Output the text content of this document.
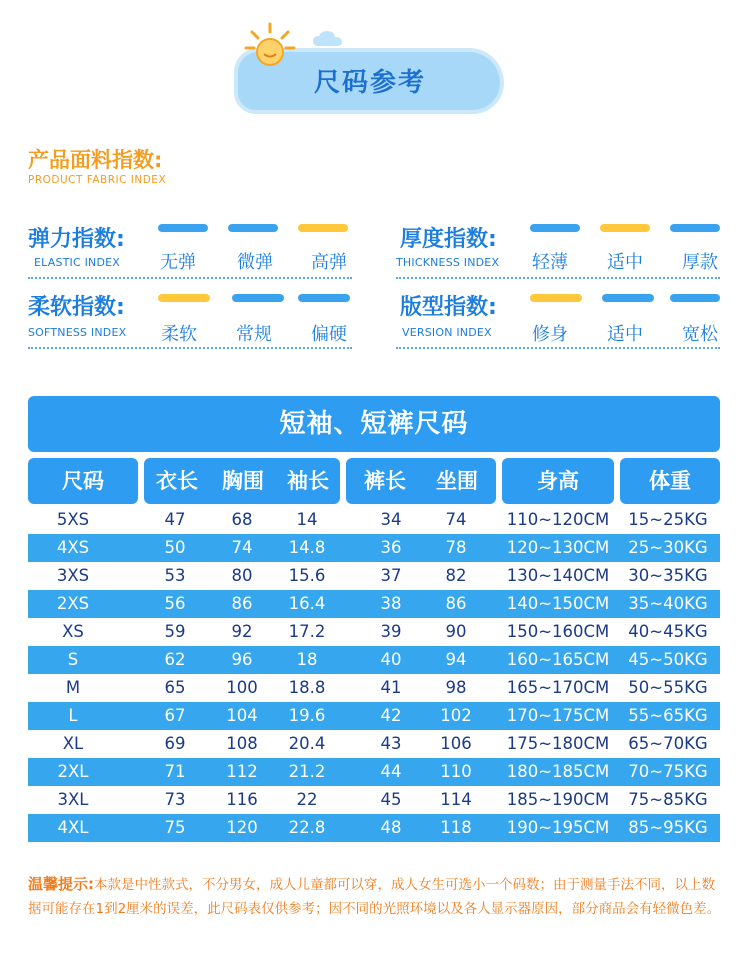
尺码参考
产品面料指数:
PRODUCT FABRIC INDEX
弹力指数:
ELASTIC INDEX	无弹	微弹	高弹
厚度指数:
THICKNESS INDEX	轻薄	适中	厚款
柔软指数:
SOFTNESS INDEX	柔软	常规	偏硬
版型指数:
VERSION INDEX	修身	适中	宽松
短袖、短裤尺码
尺码	衣长	胸围	袖长	裤长	坐围	身高	体重
5XS	47	68	14	34	74	110~120CM	15~25KG
4XS	50	74	14.8	36	78	120~130CM	25~30KG
3XS	53	80	15.6	37	82	130~140CM	30~35KG
2XS	56	86	16.4	38	86	140~150CM	35~40KG
XS	59	92	17.2	39	90	150~160CM	40~45KG
S	62	96	18	40	94	160~165CM	45~50KG
M	65	100	18.8	41	98	165~170CM	50~55KG
L	67	104	19.6	42	102	170~175CM	55~65KG
XL	69	108	20.4	43	106	175~180CM	65~70KG
2XL	71	112	21.2	44	110	180~185CM	70~75KG
3XL	73	116	22	45	114	185~190CM	75~85KG
4XL	75	120	22.8	48	118	190~195CM	85~95KG
温馨提示:本款是中性款式，不分男女，成人儿童都可以穿，成人女生可选小一个码数；由于测量手法不同，以上数据可能存在1到2厘米的误差，此尺码表仅供参考；因不同的光照环境以及各人显示器原因，部分商品会有轻微色差。
